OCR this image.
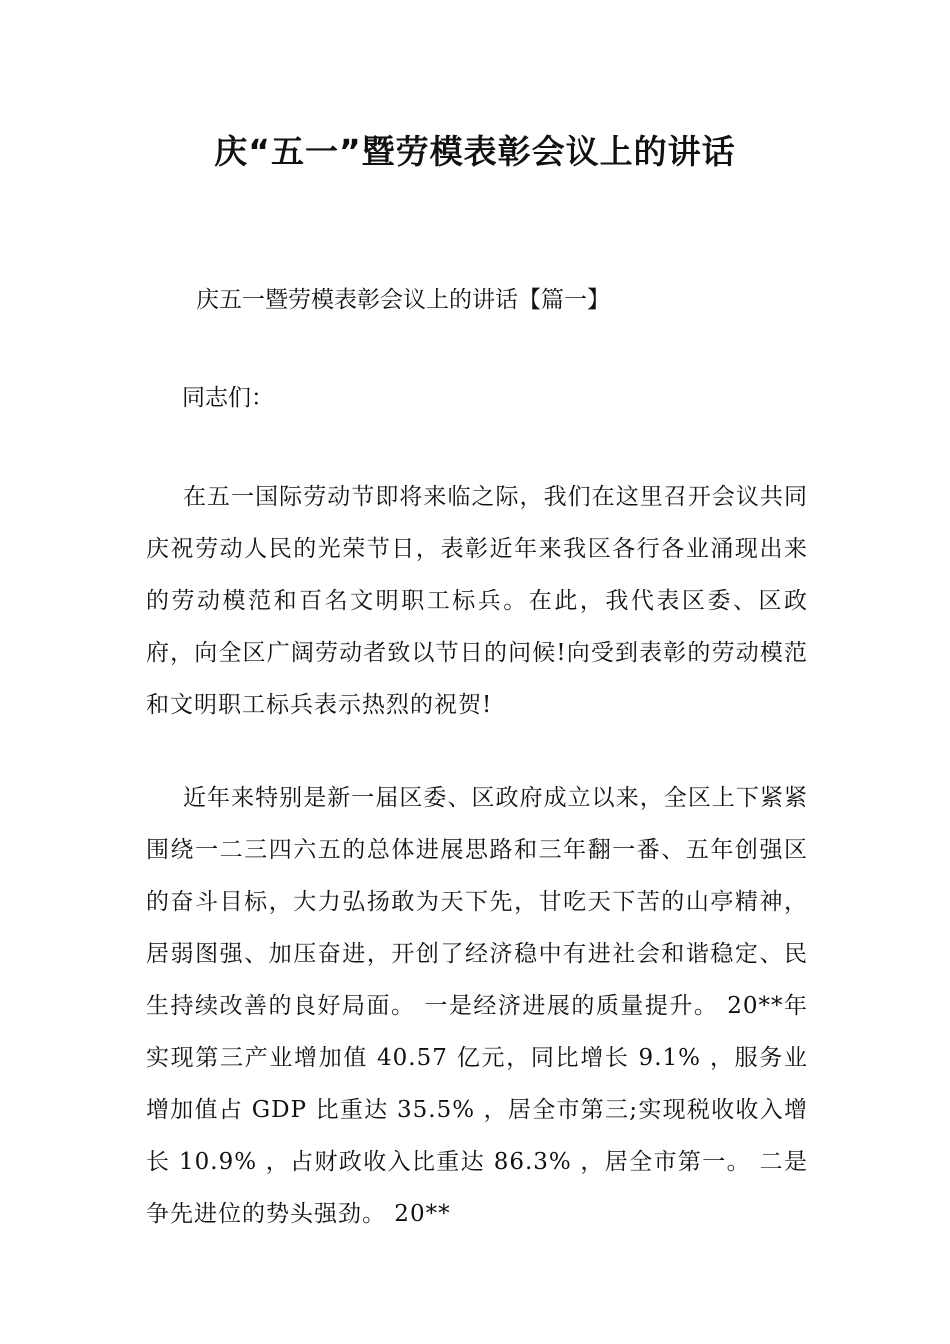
庆“五一”暨劳模表彰会议上的讲话

庆五一暨劳模表彰会议上的讲话【篇一】

同志们：

在五一国际劳动节即将来临之际，我们在这里召开会议共同庆祝劳动人民的光荣节日，表彰近年来我区各行各业涌现出来的劳动模范和百名文明职工标兵。在此，我代表区委、区政府，向全区广阔劳动者致以节日的问候!向受到表彰的劳动模范和文明职工标兵表示热烈的祝贺!

近年来特别是新一届区委、区政府成立以来，全区上下紧紧围绕一二三四六五的总体进展思路和三年翻一番、五年创强区的奋斗目标，大力弘扬敢为天下先，甘吃天下苦的山亭精神，居弱图强、加压奋进，开创了经济稳中有进社会和谐稳定、民生持续改善的良好局面。 一是经济进展的质量提升。 20**年实现第三产业增加值 40.57 亿元，同比增长 9.1% ，服务业增加值占 GDP 比重达 35.5% ，居全市第三;实现税收收入增长 10.9% ，占财政收入比重达 86.3% ，居全市第一。 二是争先进位的势头强劲。 20**
